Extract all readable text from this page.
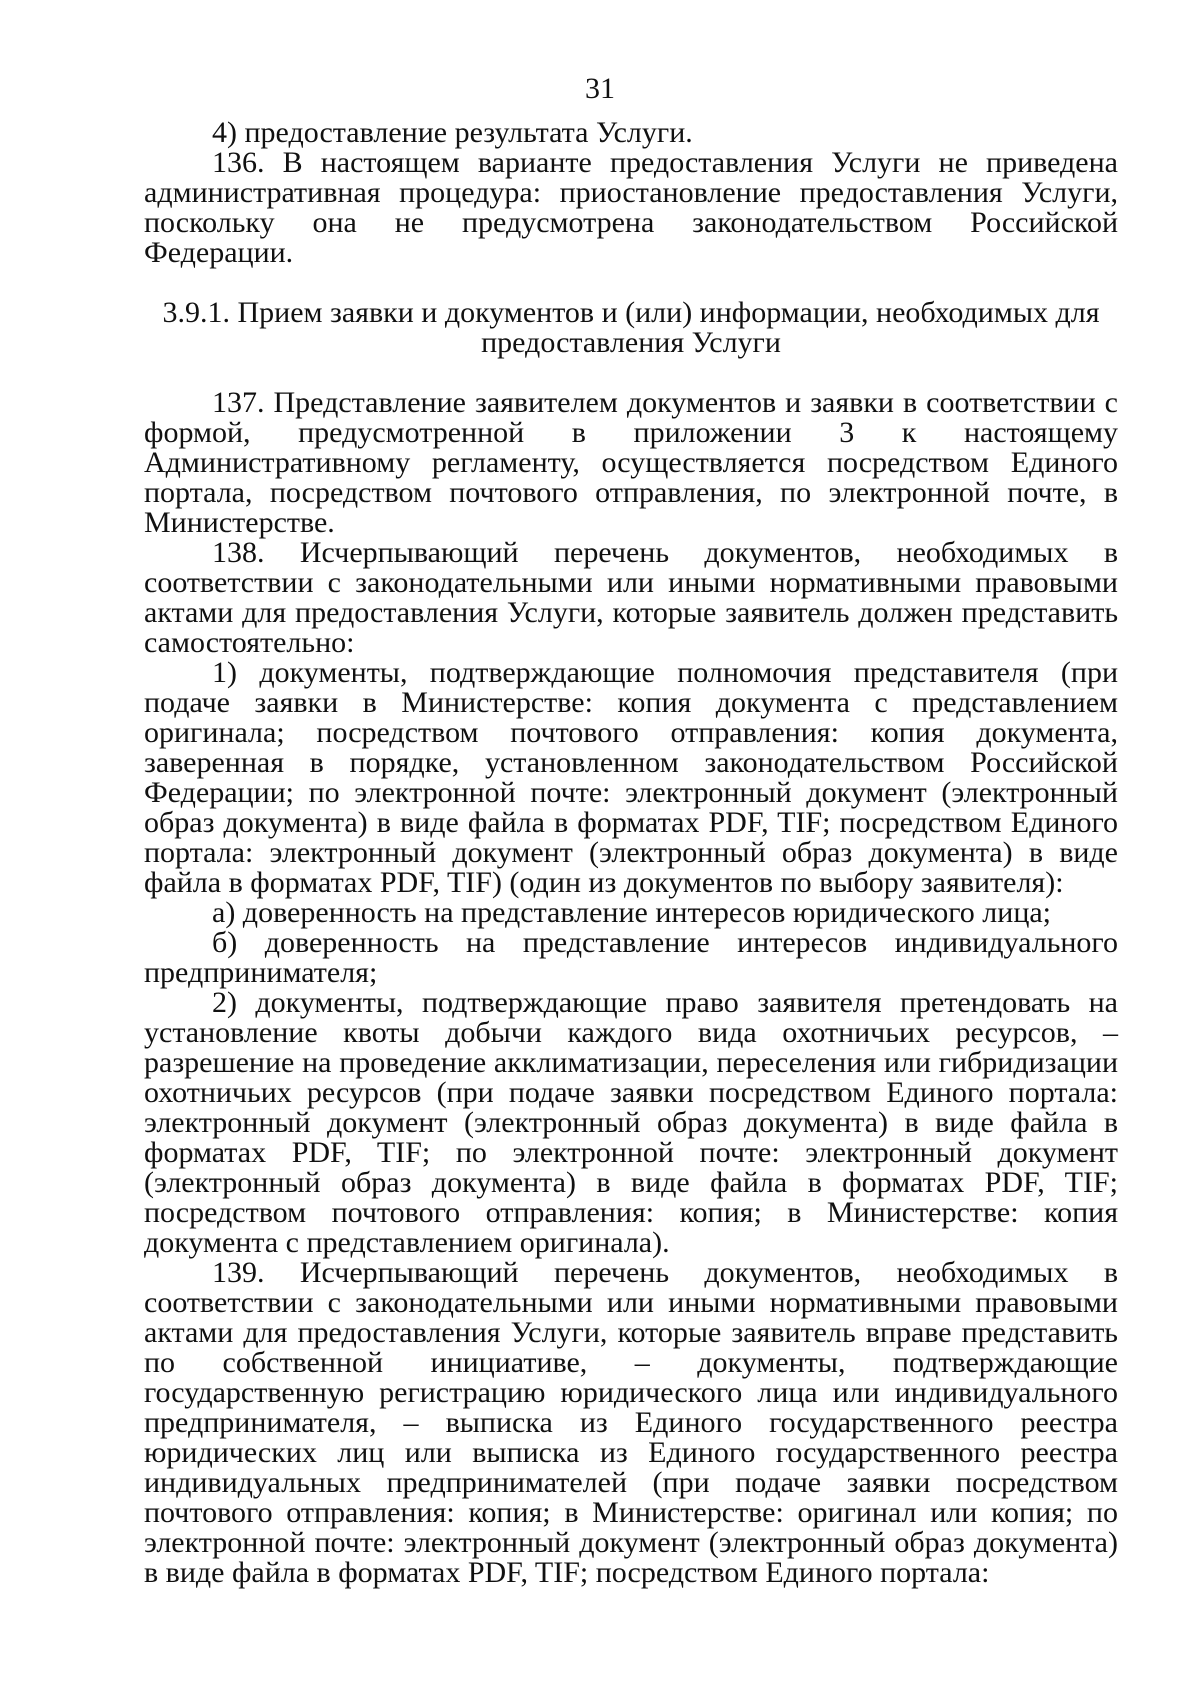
31

4) предоставление результата Услуги.

136. В настоящем варианте предоставления Услуги не приведена административная процедура: приостановление предоставления Услуги, поскольку она не предусмотрена законодательством Российской Федерации.

3.9.1. Прием заявки и документов и (или) информации, необходимых для предоставления Услуги

137. Представление заявителем документов и заявки в соответствии с формой, предусмотренной в приложении 3 к настоящему Административному регламенту, осуществляется посредством Единого портала, посредством почтового отправления, по электронной почте, в Министерстве.

138. Исчерпывающий перечень документов, необходимых в соответствии с законодательными или иными нормативными правовыми актами для предоставления Услуги, которые заявитель должен представить самостоятельно:

1) документы, подтверждающие полномочия представителя (при подаче заявки в Министерстве: копия документа с представлением оригинала; посредством почтового отправления: копия документа, заверенная в порядке, установленном законодательством Российской Федерации; по электронной почте: электронный документ (электронный образ документа) в виде файла в форматах PDF, TIF; посредством Единого портала: электронный документ (электронный образ документа) в виде файла в форматах PDF, TIF) (один из документов по выбору заявителя):

а) доверенность на представление интересов юридического лица;

б) доверенность на представление интересов индивидуального предпринимателя;

2) документы, подтверждающие право заявителя претендовать на установление квоты добычи каждого вида охотничьих ресурсов, – разрешение на проведение акклиматизации, переселения или гибридизации охотничьих ресурсов (при подаче заявки посредством Единого портала: электронный документ (электронный образ документа) в виде файла в форматах PDF, TIF; по электронной почте: электронный документ (электронный образ документа) в виде файла в форматах PDF, TIF; посредством почтового отправления: копия; в Министерстве: копия документа с представлением оригинала).

139. Исчерпывающий перечень документов, необходимых в соответствии с законодательными или иными нормативными правовыми актами для предоставления Услуги, которые заявитель вправе представить по собственной инициативе, – документы, подтверждающие государственную регистрацию юридического лица или индивидуального предпринимателя, – выписка из Единого государственного реестра юридических лиц или выписка из Единого государственного реестра индивидуальных предпринимателей (при подаче заявки посредством почтового отправления: копия; в Министерстве: оригинал или копия; по электронной почте: электронный документ (электронный образ документа) в виде файла в форматах PDF, TIF; посредством Единого портала:
